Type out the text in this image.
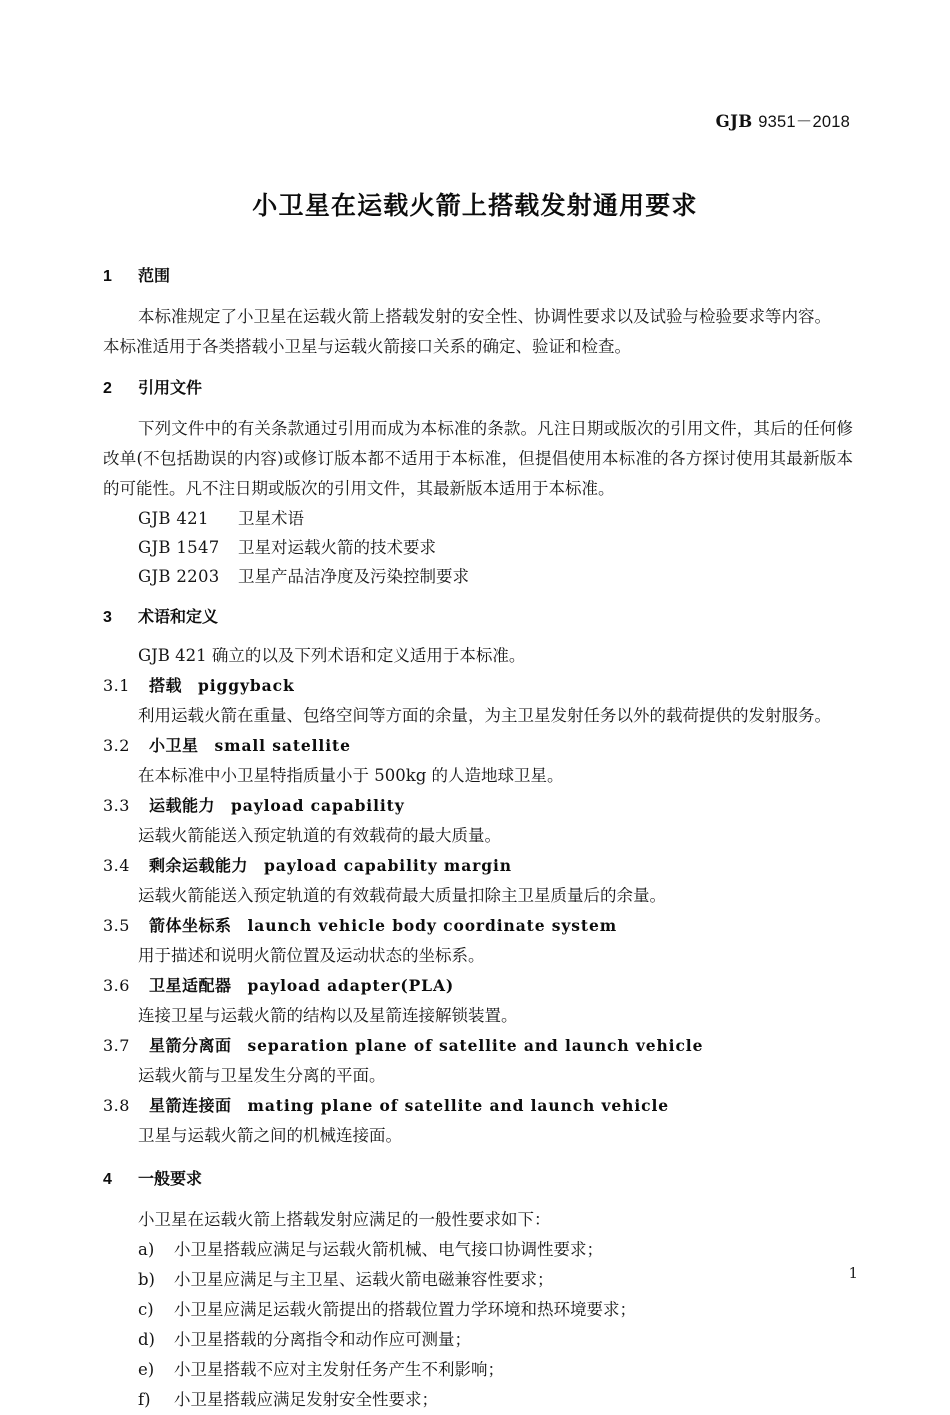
GJB 9351－2018
小卫星在运载火箭上搭载发射通用要求
1 范围

本标准规定了小卫星在运载火箭上搭载发射的安全性、协调性要求以及试验与检验要求等内容。

本标准适用于各类搭载小卫星与运载火箭接口关系的确定、验证和检查。

2 引用文件

下列文件中的有关条款通过引用而成为本标准的条款。凡注日期或版次的引用文件，其后的任何修改单(不包括勘误的内容)或修订版本都不适用于本标准，但提倡使用本标准的各方探讨使用其最新版本的可能性。凡不注日期或版次的引用文件，其最新版本适用于本标准。

GJB 421 卫星术语
GJB 1547 卫星对运载火箭的技术要求
GJB 2203 卫星产品洁净度及污染控制要求
3 术语和定义

GJB 421 确立的以及下列术语和定义适用于本标准。

3.1 搭载 piggyback

利用运载火箭在重量、包络空间等方面的余量，为主卫星发射任务以外的载荷提供的发射服务。

3.2 小卫星 small satellite

在本标准中小卫星特指质量小于 500kg 的人造地球卫星。

3.3 运载能力 payload capability

运载火箭能送入预定轨道的有效载荷的最大质量。

3.4 剩余运载能力 payload capability margin

运载火箭能送入预定轨道的有效载荷最大质量扣除主卫星质量后的余量。

3.5 箭体坐标系 launch vehicle body coordinate system

用于描述和说明火箭位置及运动状态的坐标系。

3.6 卫星适配器 payload adapter(PLA)

连接卫星与运载火箭的结构以及星箭连接解锁装置。

3.7 星箭分离面 separation plane of satellite and launch vehicle

运载火箭与卫星发生分离的平面。

3.8 星箭连接面 mating plane of satellite and launch vehicle

卫星与运载火箭之间的机械连接面。

4 一般要求

小卫星在运载火箭上搭载发射应满足的一般性要求如下：

a) 小卫星搭载应满足与运载火箭机械、电气接口协调性要求；
b) 小卫星应满足与主卫星、运载火箭电磁兼容性要求；
c) 小卫星应满足运载火箭提出的搭载位置力学环境和热环境要求；
d) 小卫星搭载的分离指令和动作应可测量；
e) 小卫星搭载不应对主发射任务产生不利影响；
f) 小卫星搭载应满足发射安全性要求；
1
